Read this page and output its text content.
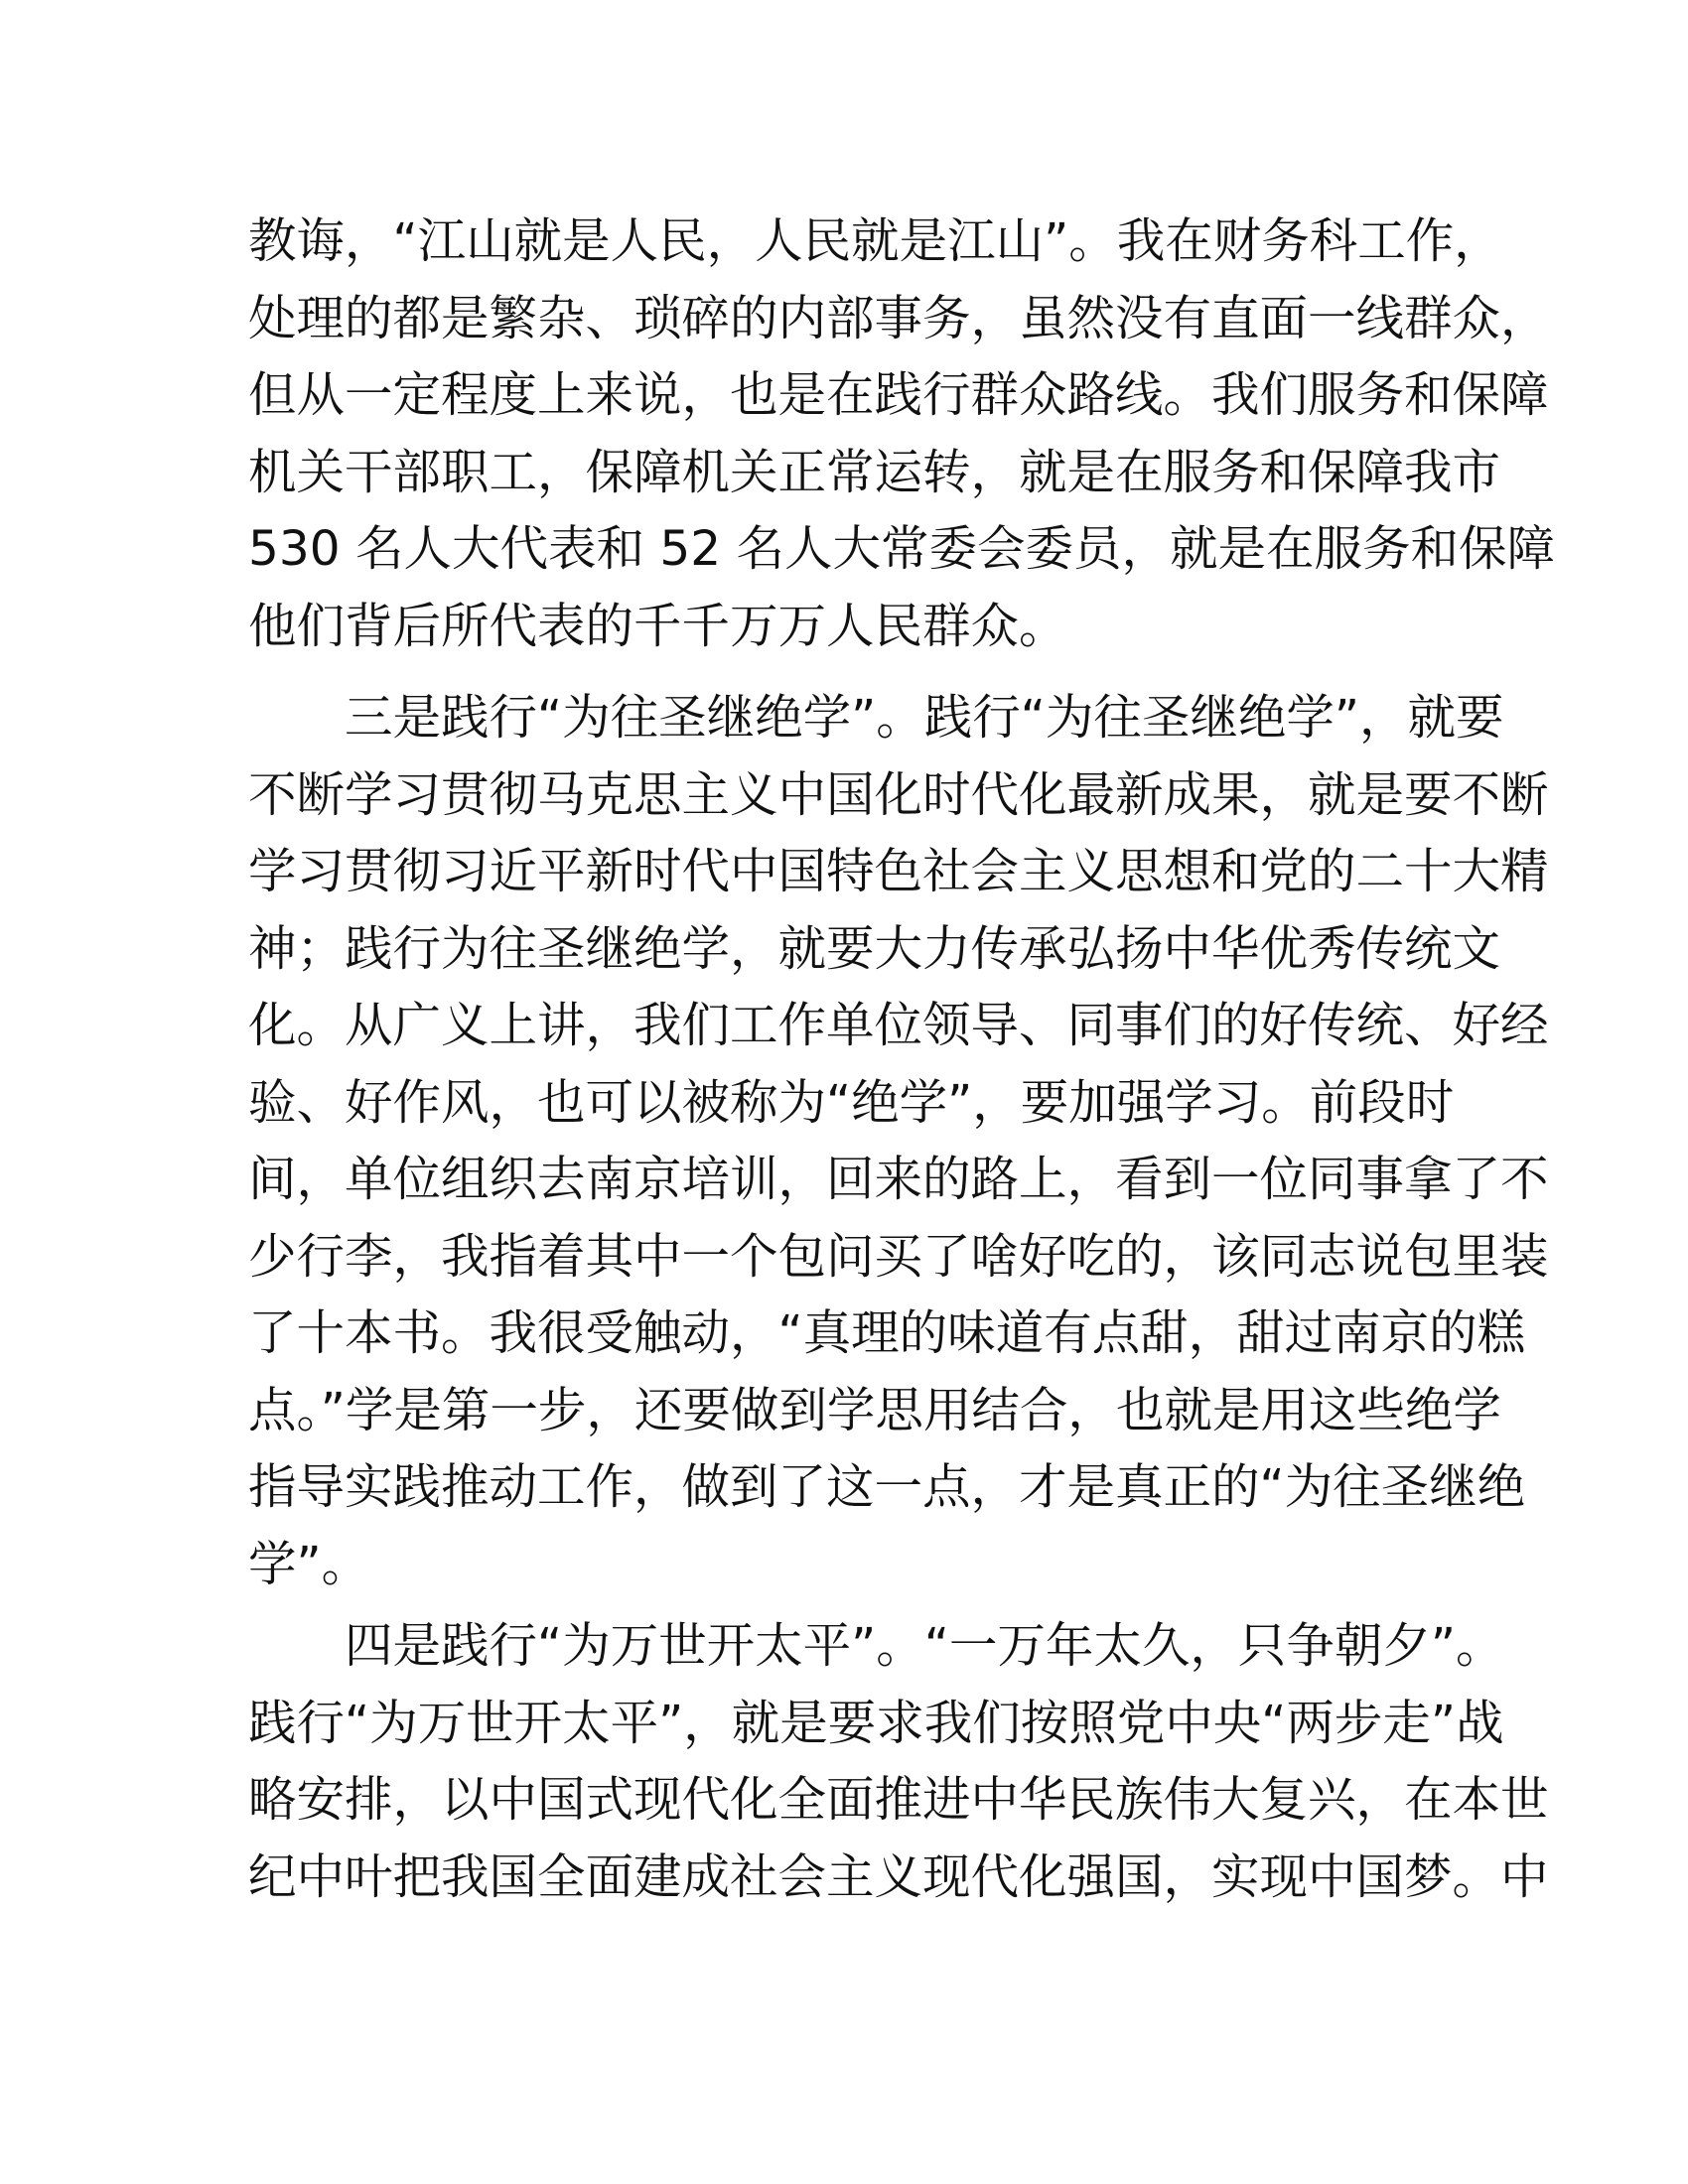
教诲，“江山就是人民，人民就是江山”。我在财务科工作，
处理的都是繁杂、琐碎的内部事务，虽然没有直面一线群众，
但从一定程度上来说，也是在践行群众路线。我们服务和保障
机关干部职工，保障机关正常运转，就是在服务和保障我市
530 名人大代表和 52 名人大常委会委员，就是在服务和保障
他们背后所代表的千千万万人民群众。
三是践行“为往圣继绝学”。践行“为往圣继绝学”，就要
不断学习贯彻马克思主义中国化时代化最新成果，就是要不断
学习贯彻习近平新时代中国特色社会主义思想和党的二十大精
神；践行为往圣继绝学，就要大力传承弘扬中华优秀传统文
化。从广义上讲，我们工作单位领导、同事们的好传统、好经
验、好作风，也可以被称为“绝学”，要加强学习。前段时
间，单位组织去南京培训，回来的路上，看到一位同事拿了不
少行李，我指着其中一个包问买了啥好吃的，该同志说包里装
了十本书。我很受触动，“真理的味道有点甜，甜过南京的糕
点。”学是第一步，还要做到学思用结合，也就是用这些绝学
指导实践推动工作，做到了这一点，才是真正的“为往圣继绝
学”。
四是践行“为万世开太平”。“一万年太久，只争朝夕”。
践行“为万世开太平”，就是要求我们按照党中央“两步走”战
略安排，以中国式现代化全面推进中华民族伟大复兴，在本世
纪中叶把我国全面建成社会主义现代化强国，实现中国梦。中
